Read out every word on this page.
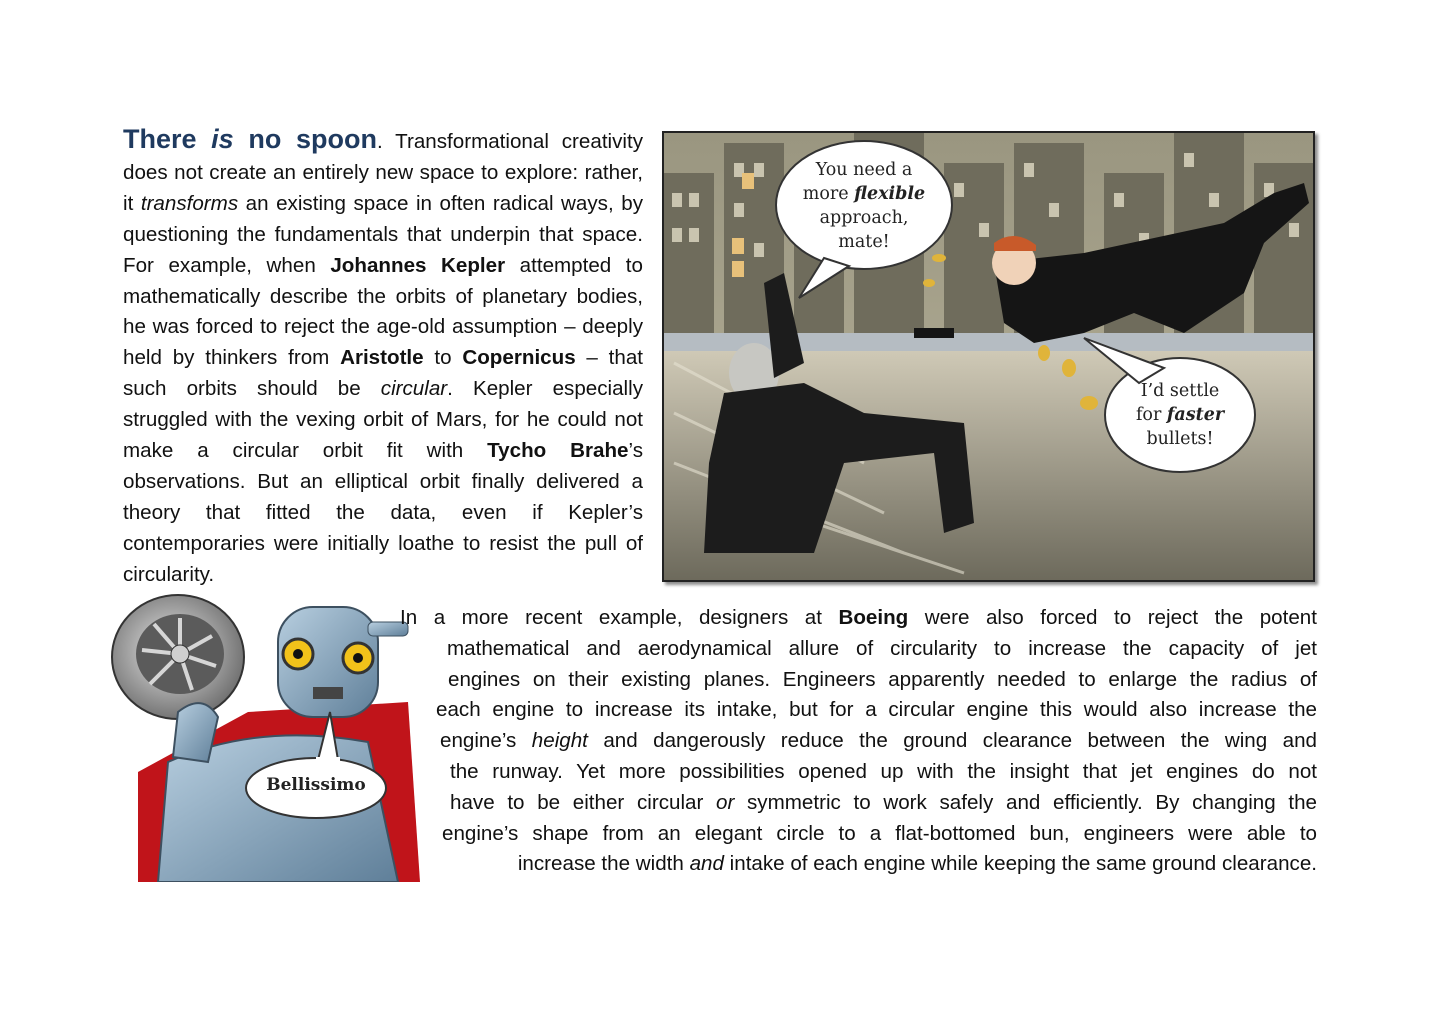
There is no spoon. Transformational creativity does not create an entirely new space to explore: rather, it transforms an existing space in often radical ways, by questioning the fundamentals that underpin that space. For example, when Johannes Kepler attempted to mathematically describe the orbits of planetary bodies, he was forced to reject the age-old assumption – deeply held by thinkers from Aristotle to Copernicus – that such orbits should be circular. Kepler especially struggled with the vexing orbit of Mars, for he could not make a circular orbit fit with Tycho Brahe’s observations. But an elliptical orbit finally delivered a theory that fitted the data, even if Kepler’s contemporaries were initially loathe to resist the pull of circularity.
You need a
more flexible
approach,
mate!
I’d settle
for faster
bullets!
Bellissimo
In a more recent example, designers at Boeing were also forced to reject the potent
mathematical and aerodynamical allure of circularity to increase the capacity of jet
engines on their existing planes. Engineers apparently needed to enlarge the radius of
each engine to increase its intake, but for a circular engine this would also increase the
engine’s height and dangerously reduce the ground clearance between the wing and
the runway. Yet more possibilities opened up with the insight that jet engines do not
have to be either circular or symmetric to work safely and efficiently. By changing the
engine’s shape from an elegant circle to a flat-bottomed bun, engineers were able to
increase the width and intake of each engine while keeping the same ground clearance.
